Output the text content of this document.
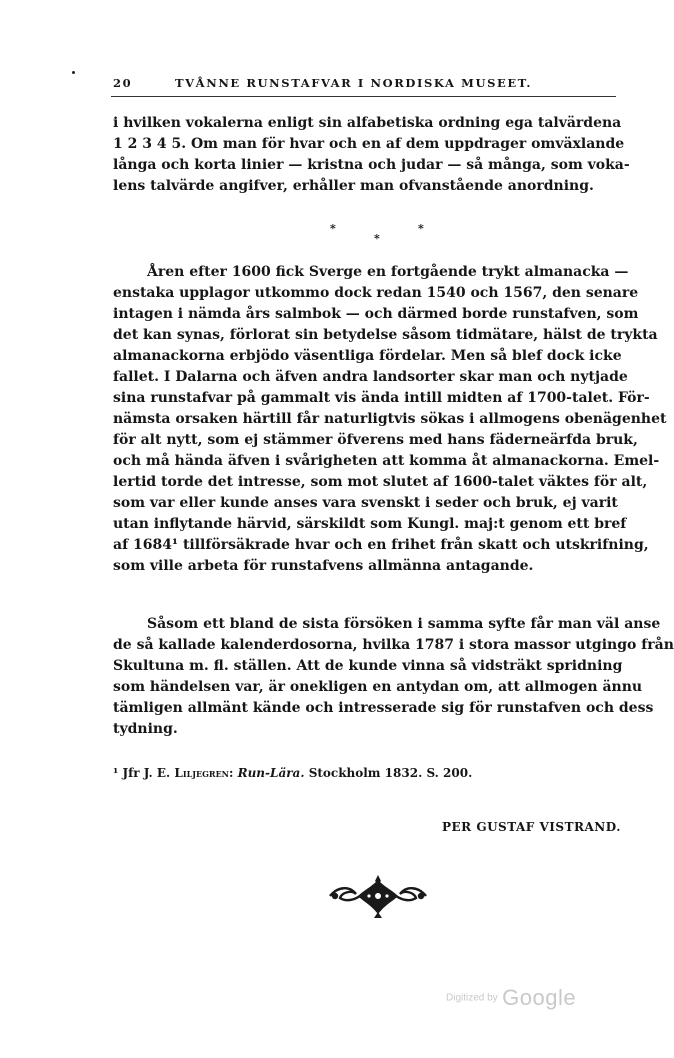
20	TVÅNNE RUNSTAFVAR I NORDISKA MUSEET.
i hvilken vokalerna enligt sin alfabetiska ordning ega talvärdena
1 2 3 4 5. Om man för hvar och en af dem uppdrager omväxlande
långa och korta linier — kristna och judar — så många, som voka-
lens talvärde angifver, erhåller man ofvanstående anordning.
*
*
*
Åren efter 1600 fick Sverge en fortgående trykt almanacka —
enstaka upplagor utkommo dock redan 1540 och 1567, den senare
intagen i nämda års salmbok — och därmed borde runstafven, som
det kan synas, förlorat sin betydelse såsom tidmätare, hälst de trykta
almanackorna erbjödo väsentliga fördelar. Men så blef dock icke
fallet. I Dalarna och äfven andra landsorter skar man och nytjade
sina runstafvar på gammalt vis ända intill midten af 1700-talet. För-
nämsta orsaken härtill får naturligtvis sökas i allmogens obenägenhet
för alt nytt, som ej stämmer öfverens med hans fäderneärfda bruk,
och må hända äfven i svårigheten att komma åt almanackorna. Emel-
lertid torde det intresse, som mot slutet af 1600-talet väktes för alt,
som var eller kunde anses vara svenskt i seder och bruk, ej varit
utan inflytande härvid, särskildt som Kungl. maj:t genom ett bref
af 1684¹ tillförsäkrade hvar och en frihet från skatt och utskrifning,
som ville arbeta för runstafvens allmänna antagande.
Såsom ett bland de sista försöken i samma syfte får man väl anse
de så kallade kalenderdosorna, hvilka 1787 i stora massor utgingo från
Skultuna m. fl. ställen. Att de kunde vinna så vidsträkt spridning
som händelsen var, är onekligen en antydan om, att allmogen ännu
tämligen allmänt kände och intresserade sig för runstafven och dess
tydning.
¹ Jfr J. E. Liljegren: Run-Lära. Stockholm 1832. S. 200.
PER GUSTAF VISTRAND.
Digitized by Google
